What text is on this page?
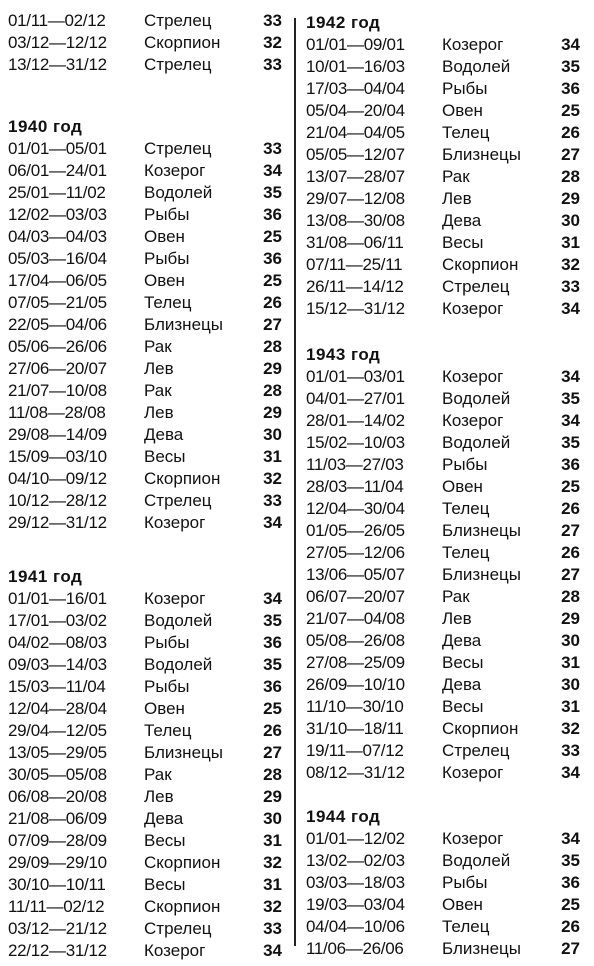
01/11—02/12	Стрелец	33
03/12—12/12	Скорпион	32
13/12—31/12	Стрелец	33
1940 год
01/01—05/01	Стрелец	33
06/01—24/01	Козерог	34
25/01—11/02	Водолей	35
12/02—03/03	Рыбы	36
04/03—04/03	Овен	25
05/03—16/04	Рыбы	36
17/04—06/05	Овен	25
07/05—21/05	Телец	26
22/05—04/06	Близнецы	27
05/06—26/06	Рак	28
27/06—20/07	Лев	29
21/07—10/08	Рак	28
11/08—28/08	Лев	29
29/08—14/09	Дева	30
15/09—03/10	Весы	31
04/10—09/12	Скорпион	32
10/12—28/12	Стрелец	33
29/12—31/12	Козерог	34
1941 год
01/01—16/01	Козерог	34
17/01—03/02	Водолей	35
04/02—08/03	Рыбы	36
09/03—14/03	Водолей	35
15/03—11/04	Рыбы	36
12/04—28/04	Овен	25
29/04—12/05	Телец	26
13/05—29/05	Близнецы	27
30/05—05/08	Рак	28
06/08—20/08	Лев	29
21/08—06/09	Дева	30
07/09—28/09	Весы	31
29/09—29/10	Скорпион	32
30/10—10/11	Весы	31
11/11—02/12	Скорпион	32
03/12—21/12	Стрелец	33
22/12—31/12	Козерог	34
1942 год
01/01—09/01	Козерог	34
10/01—16/03	Водолей	35
17/03—04/04	Рыбы	36
05/04—20/04	Овен	25
21/04—04/05	Телец	26
05/05—12/07	Близнецы	27
13/07—28/07	Рак	28
29/07—12/08	Лев	29
13/08—30/08	Дева	30
31/08—06/11	Весы	31
07/11—25/11	Скорпион	32
26/11—14/12	Стрелец	33
15/12—31/12	Козерог	34
1943 год
01/01—03/01	Козерог	34
04/01—27/01	Водолей	35
28/01—14/02	Козерог	34
15/02—10/03	Водолей	35
11/03—27/03	Рыбы	36
28/03—11/04	Овен	25
12/04—30/04	Телец	26
01/05—26/05	Близнецы	27
27/05—12/06	Телец	26
13/06—05/07	Близнецы	27
06/07—20/07	Рак	28
21/07—04/08	Лев	29
05/08—26/08	Дева	30
27/08—25/09	Весы	31
26/09—10/10	Дева	30
11/10—30/10	Весы	31
31/10—18/11	Скорпион	32
19/11—07/12	Стрелец	33
08/12—31/12	Козерог	34
1944 год
01/01—12/02	Козерог	34
13/02—02/03	Водолей	35
03/03—18/03	Рыбы	36
19/03—03/04	Овен	25
04/04—10/06	Телец	26
11/06—26/06	Близнецы	27
